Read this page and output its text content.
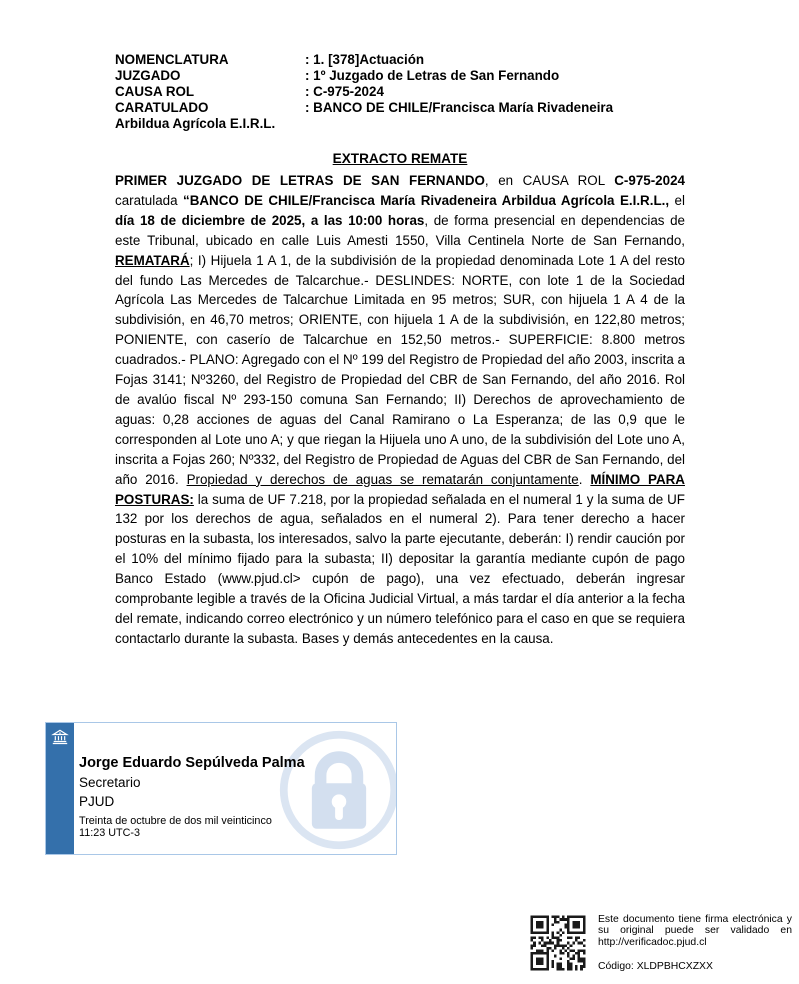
NOMENCLATURA	: 1. [378]Actuación
JUZGADO	: 1º Juzgado de Letras de San Fernando
CAUSA ROL	: C-975-2024
CARATULADO	: BANCO DE CHILE/Francisca María Rivadeneira
Arbildua Agrícola E.I.R.L.
EXTRACTO REMATE

PRIMER JUZGADO DE LETRAS DE SAN FERNANDO, en CAUSA ROL C-975-2024 caratulada “BANCO DE CHILE/Francisca María Rivadeneira Arbildua Agrícola E.I.R.L., el día 18 de diciembre de 2025, a las 10:00 horas, de forma presencial en dependencias de este Tribunal, ubicado en calle Luis Amesti 1550, Villa Centinela Norte de San Fernando, REMATARÁ; I) Hijuela 1 A 1, de la subdivisión de la propiedad denominada Lote 1 A del resto del fundo Las Mercedes de Talcarchue.- DESLINDES: NORTE, con lote 1 de la Sociedad Agrícola Las Mercedes de Talcarchue Limitada en 95 metros; SUR, con hijuela 1 A 4 de la subdivisión, en 46,70 metros; ORIENTE, con hijuela 1 A de la subdivisión, en 122,80 metros; PONIENTE, con caserío de Talcarchue en 152,50 metros.- SUPERFICIE: 8.800 metros cuadrados.- PLANO: Agregado con el Nº 199 del Registro de Propiedad del año 2003, inscrita a Fojas 3141; Nº3260, del Registro de Propiedad del CBR de San Fernando, del año 2016. Rol de avalúo fiscal Nº 293-150 comuna San Fernando; II) Derechos de aprovechamiento de aguas: 0,28 acciones de aguas del Canal Ramirano o La Esperanza; de las 0,9 que le corresponden al Lote uno A; y que riegan la Hijuela uno A uno, de la subdivisión del Lote uno A, inscrita a Fojas 260; Nº332, del Registro de Propiedad de Aguas del CBR de San Fernando, del año 2016. Propiedad y derechos de aguas se rematarán conjuntamente. MÍNIMO PARA POSTURAS: la suma de UF 7.218, por la propiedad señalada en el numeral 1 y la suma de UF 132 por los derechos de agua, señalados en el numeral 2). Para tener derecho a hacer posturas en la subasta, los interesados, salvo la parte ejecutante, deberán: I) rendir caución por el 10% del mínimo fijado para la subasta; II) depositar la garantía mediante cupón de pago Banco Estado (www.pjud.cl> cupón de pago), una vez efectuado, deberán ingresar comprobante legible a través de la Oficina Judicial Virtual, a más tardar el día anterior a la fecha del remate, indicando correo electrónico y un número telefónico para el caso en que se requiera contactarlo durante la subasta. Bases y demás antecedentes en la causa.

Jorge Eduardo Sepúlveda Palma
Secretario
PJUD
Treinta de octubre de dos mil veinticinco
11:23 UTC-3
Este documento tiene firma electrónica y su original puede ser validado en http://verificadoc.pjud.cl
Código: XLDPBHCXZXX
